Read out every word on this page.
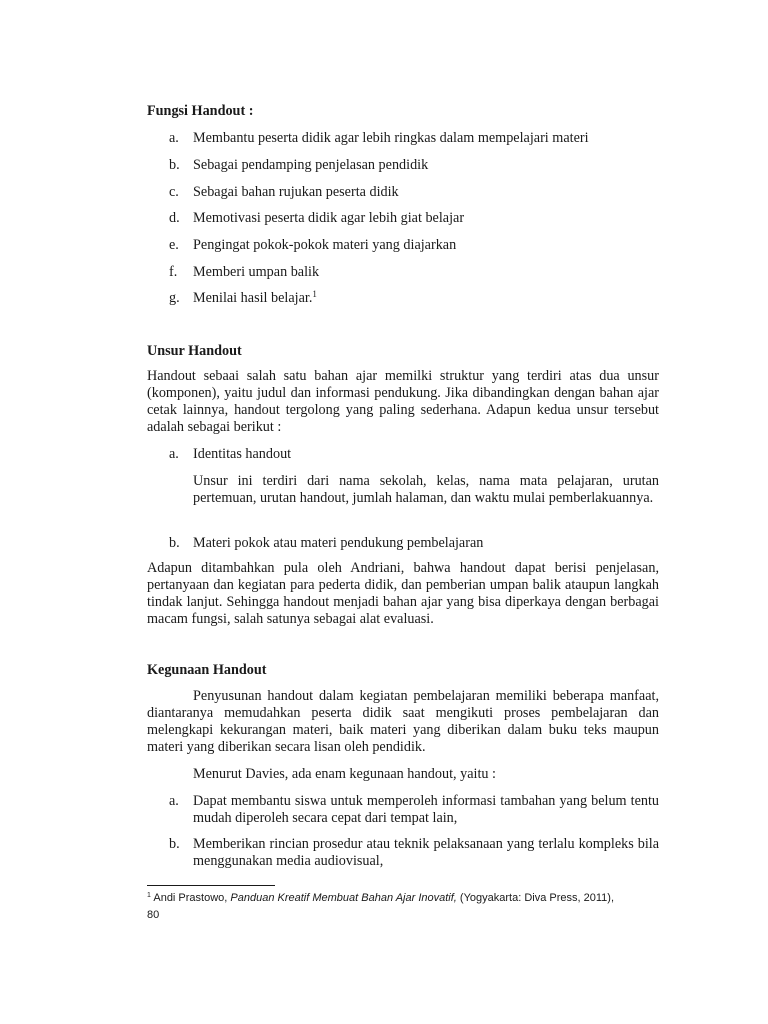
Fungsi Handout :
a. Membantu peserta didik agar lebih ringkas dalam mempelajari materi
b. Sebagai pendamping penjelasan pendidik
c. Sebagai bahan rujukan peserta didik
d. Memotivasi peserta didik agar lebih giat belajar
e. Pengingat pokok-pokok materi yang diajarkan
f. Memberi umpan balik
g. Menilai hasil belajar.$^1$
Unsur Handout

Handout sebaai salah satu bahan ajar memilki struktur yang terdiri atas dua unsur (komponen), yaitu judul dan informasi pendukung. Jika dibandingkan dengan bahan ajar cetak lainnya, handout tergolong yang paling sederhana. Adapun kedua unsur tersebut adalah sebagai berikut :

a. Identitas handout

Unsur ini terdiri dari nama sekolah, kelas, nama mata pelajaran, urutan pertemuan, urutan handout, jumlah halaman, dan waktu mulai pemberlakuannya.

b. Materi pokok atau materi pendukung pembelajaran

Adapun ditambahkan pula oleh Andriani, bahwa handout dapat berisi penjelasan, pertanyaan dan kegiatan para pederta didik, dan pemberian umpan balik ataupun langkah tindak lanjut. Sehingga handout menjadi bahan ajar yang bisa diperkaya dengan berbagai macam fungsi, salah satunya sebagai alat evaluasi.

Kegunaan Handout

Penyusunan handout dalam kegiatan pembelajaran memiliki beberapa manfaat, diantaranya memudahkan peserta didik saat mengikuti proses pembelajaran dan melengkapi kekurangan materi, baik materi yang diberikan dalam buku teks maupun materi yang diberikan secara lisan oleh pendidik.

Menurut Davies, ada enam kegunaan handout, yaitu :

a. Dapat membantu siswa untuk memperoleh informasi tambahan yang belum tentu mudah diperoleh secara cepat dari tempat lain,
b. Memberikan rincian prosedur atau teknik pelaksanaan yang terlalu kompleks bila menggunakan media audiovisual,
$^1$ Andi Prastowo, Panduan Kreatif Membuat Bahan Ajar Inovatif, (Yogyakarta: Diva Press, 2011),
80
